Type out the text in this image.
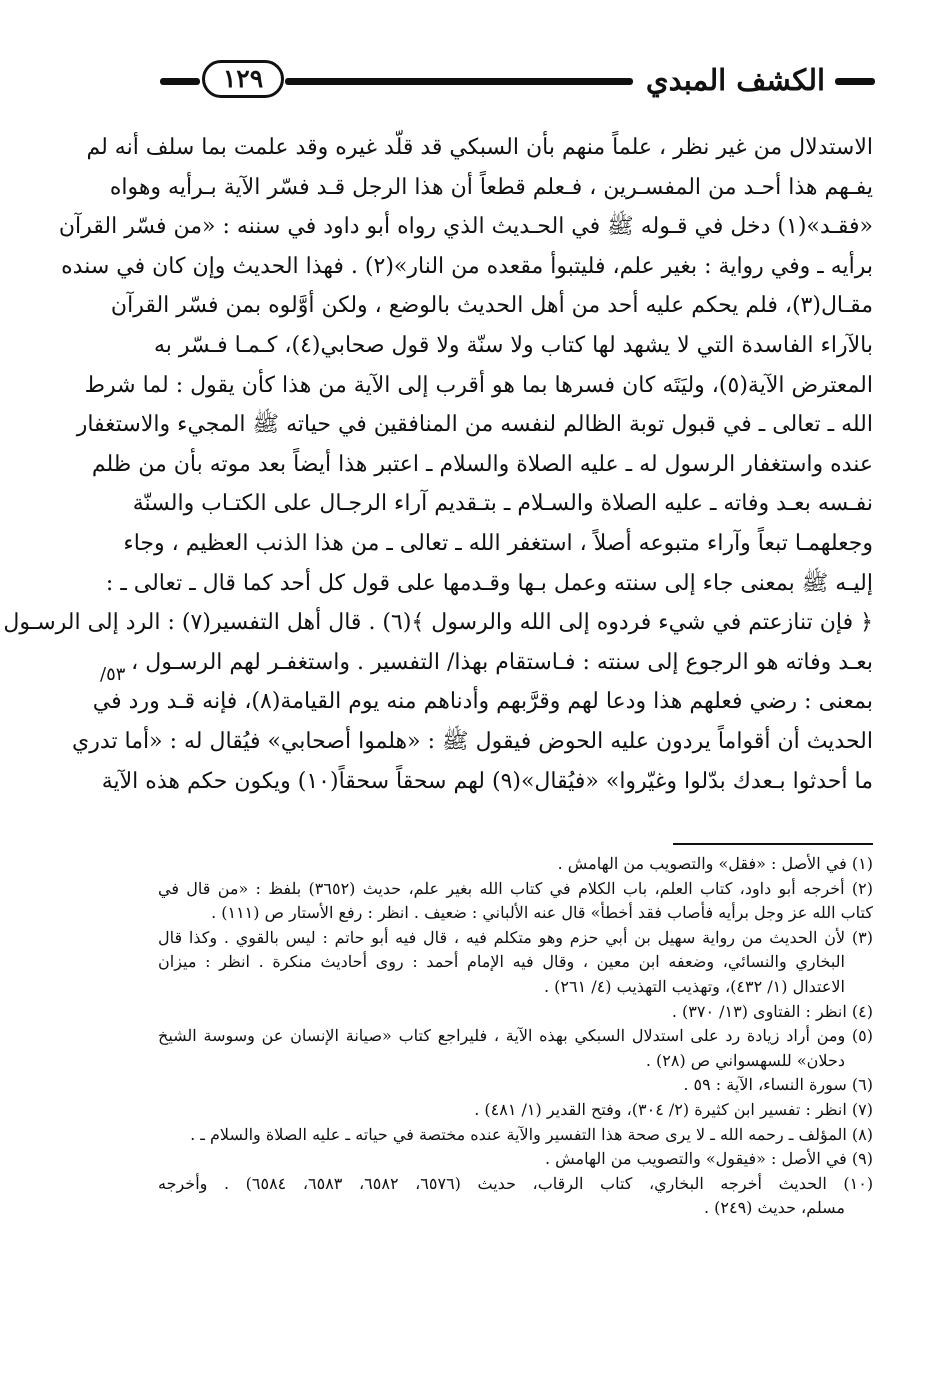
١٢٩	الكشف المبدي
الاستدلال من غير نظر ، علماً منهم بأن السبكي قد قلّد غيره وقد علمت بما سلف أنه لم
يفـهم هذا أحـد من المفسـرين ، فـعلم قطعاً أن هذا الرجل قـد فسّر الآية بـرأيه وهواه
«فقـد»(١) دخل في قـوله ﷺ في الحـديث الذي رواه أبو داود في سننه : «من فسّر القرآن
برأيه ـ وفي رواية : بغير علم، فليتبوأ مقعده من النار»(٢) . فهذا الحديث وإن كان في سنده
مقـال(٣)، فلم يحكم عليه أحد من أهل الحديث بالوضع ، ولكن أوَّلوه بمن فسّر القرآن
بالآراء الفاسدة التي لا يشهد لها كتاب ولا سنّة ولا قول صحابي(٤)، كـمـا فـسّر به
المعترض الآية(٥)، وليَتَه كان فسرها بما هو أقرب إلى الآية من هذا كأن يقول : لما شرط
الله ـ تعالى ـ في قبول توبة الظالم لنفسه من المنافقين في حياته ﷺ المجيء والاستغفار
عنده واستغفار الرسول له ـ عليه الصلاة والسلام ـ اعتبر هذا أيضاً بعد موته بأن من ظلم
نفـسه بعـد وفاته ـ عليه الصلاة والسـلام ـ بتـقديم آراء الرجـال على الكتـاب والسنّة
وجعلهمـا تبعاً وآراء متبوعه أصلاً ، استغفر الله ـ تعالى ـ من هذا الذنب العظيم ، وجاء
إليـه ﷺ بمعنى جاء إلى سنته وعمل بـها وقـدمها على قول كل أحد كما قال ـ تعالى ـ :
﴿ فإن تنازعتم في شيء فردوه إلى الله والرسول ﴾(٦) . قال أهل التفسير(٧) : الرد إلى الرسـول
بعـد وفاته هو الرجوع إلى سنته : فـاستقام بهذا/ التفسير . واستغفـر لهم الرسـول ،
بمعنى : رضي فعلهم هذا ودعا لهم وقرَّبهم وأدناهم منه يوم القيامة(٨)، فإنه قـد ورد في
الحديث أن أقواماً يردون عليه الحوض فيقول ﷺ : «هلموا أصحابي» فيُقال له : «أما تدري
ما أحدثوا بـعدك بدّلوا وغيّروا» «فيُقال»(٩) لهم سحقاً سحقاً(١٠) ويكون حكم هذه الآية
٥٣/
(١) في الأصل : «فقل» والتصويب من الهامش .
(٢) أخرجه أبو داود، كتاب العلم، باب الكلام في كتاب الله بغير علم، حديث (٣٦٥٢) بلفظ : «من قال في
كتاب الله عز وجل برأيه فأصاب فقد أخطأ» قال عنه الألباني : ضعيف . انظر : رفع الأستار ص (١١١) .
(٣) لأن الحديث من رواية سهيل بن أبي حزم وهو متكلم فيه ، قال فيه أبو حاتم : ليس بالقوي . وكذا قال
البخاري والنسائي، وضعفه ابن معين ، وقال فيه الإمام أحمد : روى أحاديث منكرة . انظر : ميزان
الاعتدال (١/ ٤٣٢)، وتهذيب التهذيب (٤/ ٢٦١) .
(٤) انظر : الفتاوى (١٣/ ٣٧٠) .
(٥) ومن أراد زيادة رد على استدلال السبكي بهذه الآية ، فليراجع كتاب «صيانة الإنسان عن وسوسة الشيخ
دحلان» للسهسواني ص (٢٨) .
(٦) سورة النساء، الآية : ٥٩ .
(٧) انظر : تفسير ابن كثيرة (٢/ ٣٠٤)، وفتح القدير (١/ ٤٨١) .
(٨) المؤلف ـ رحمه الله ـ لا يرى صحة هذا التفسير والآية عنده مختصة في حياته ـ عليه الصلاة والسلام ـ .
(٩) في الأصل : «فيقول» والتصويب من الهامش .
(١٠) الحديث أخرجه البخاري، كتاب الرقاب، حديث (٦٥٧٦، ٦٥٨٢، ٦٥٨٣، ٦٥٨٤) . وأخرجه
مسلم، حديث (٢٤٩) .
